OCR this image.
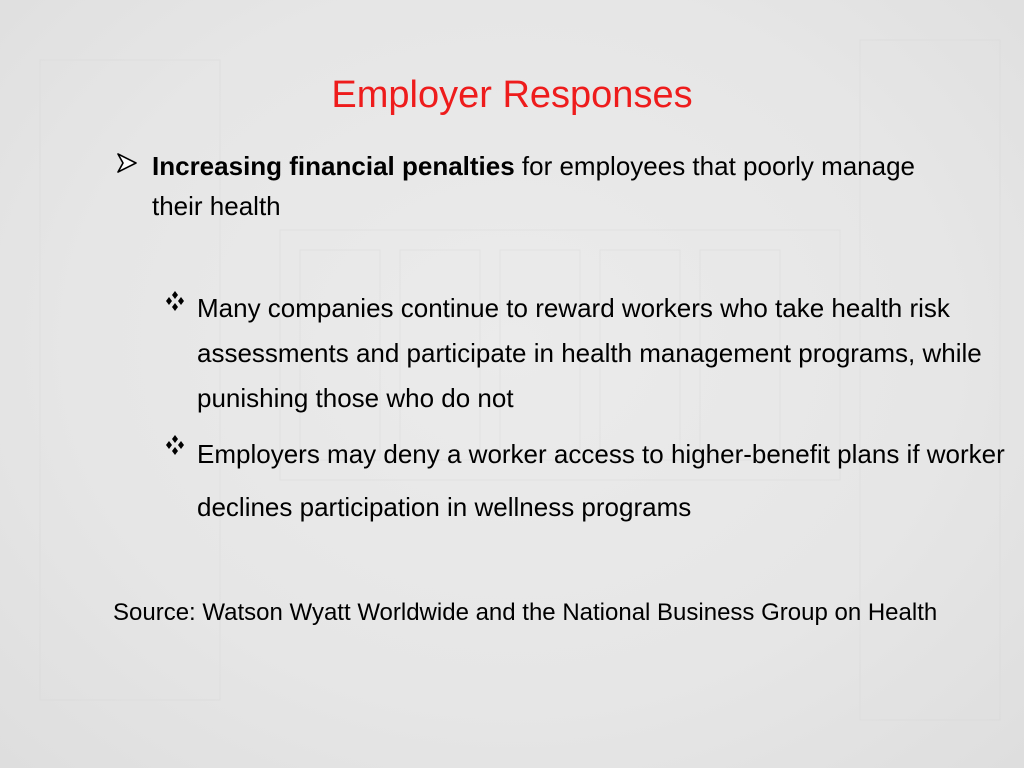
Employer Responses
Increasing financial penalties for employees that poorly manage their health
Many companies continue to reward workers who take health risk assessments and participate in health management programs, while punishing those who do not
Employers may deny a worker access to higher-benefit plans if worker declines participation in wellness programs
Source: Watson Wyatt Worldwide and the National Business Group on Health
